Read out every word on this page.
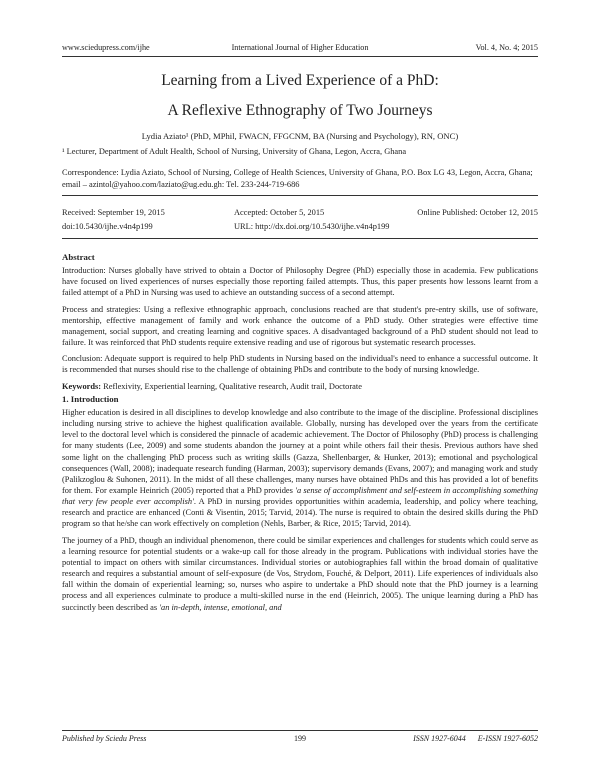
www.sciedupress.com/ijhe	International Journal of Higher Education	Vol. 4, No. 4; 2015
Learning from a Lived Experience of a PhD:
A Reflexive Ethnography of Two Journeys
Lydia Aziato¹ (PhD, MPhil, FWACN, FFGCNM, BA (Nursing and Psychology), RN, ONC)
¹ Lecturer, Department of Adult Health, School of Nursing, University of Ghana, Legon, Accra, Ghana
Correspondence: Lydia Aziato, School of Nursing, College of Health Sciences, University of Ghana, P.O. Box LG 43, Legon, Accra, Ghana; email – azintol@yahoo.com/laziato@ug.edu.gh: Tel. 233-244-719-686
Received: September 19, 2015	Accepted: October 5, 2015	Online Published: October 12, 2015
doi:10.5430/ijhe.v4n4p199	URL: http://dx.doi.org/10.5430/ijhe.v4n4p199
Abstract

Introduction: Nurses globally have strived to obtain a Doctor of Philosophy Degree (PhD) especially those in academia. Few publications have focused on lived experiences of nurses especially those reporting failed attempts. Thus, this paper presents how lessons learnt from a failed attempt of a PhD in Nursing was used to achieve an outstanding success of a second attempt.

Process and strategies: Using a reflexive ethnographic approach, conclusions reached are that student's pre-entry skills, use of software, mentorship, effective management of family and work enhance the outcome of a PhD study. Other strategies were effective time management, social support, and creating learning and cognitive spaces. A disadvantaged background of a PhD student should not lead to failure. It was reinforced that PhD students require extensive reading and use of rigorous but systematic research processes.

Conclusion: Adequate support is required to help PhD students in Nursing based on the individual's need to enhance a successful outcome. It is recommended that nurses should rise to the challenge of obtaining PhDs and contribute to the body of nursing knowledge.

Keywords: Reflexivity, Experiential learning, Qualitative research, Audit trail, Doctorate

1. Introduction

Higher education is desired in all disciplines to develop knowledge and also contribute to the image of the discipline. Professional disciplines including nursing strive to achieve the highest qualification available. Globally, nursing has developed over the years from the certificate level to the doctoral level which is considered the pinnacle of academic achievement. The Doctor of Philosophy (PhD) process is challenging for many students (Lee, 2009) and some students abandon the journey at a point while others fail their thesis. Previous authors have shed some light on the challenging PhD process such as writing skills (Gazza, Shellenbarger, & Hunker, 2013); emotional and psychological consequences (Wall, 2008); inadequate research funding (Harman, 2003); supervisory demands (Evans, 2007); and managing work and study (Palikzoglou & Suhonen, 2011). In the midst of all these challenges, many nurses have obtained PhDs and this has provided a lot of benefits for them. For example Heinrich (2005) reported that a PhD provides 'a sense of accomplishment and self-esteem in accomplishing something that very few people ever accomplish'. A PhD in nursing provides opportunities within academia, leadership, and policy where teaching, research and practice are enhanced (Conti & Visentin, 2015; Tarvid, 2014). The nurse is required to obtain the desired skills during the PhD program so that he/she can work effectively on completion (Nehls, Barber, & Rice, 2015; Tarvid, 2014).

The journey of a PhD, though an individual phenomenon, there could be similar experiences and challenges for students which could serve as a learning resource for potential students or a wake-up call for those already in the program. Publications with individual stories have the potential to impact on others with similar circumstances. Individual stories or autobiographies fall within the broad domain of qualitative research and requires a substantial amount of self-exposure (de Vos, Strydom, Fouché, & Delport, 2011). Life experiences of individuals also fall within the domain of experiential learning; so, nurses who aspire to undertake a PhD should note that the PhD journey is a learning process and all experiences culminate to produce a multi-skilled nurse in the end (Heinrich, 2005). The unique learning during a PhD has succinctly been described as 'an in-depth, intense, emotional, and

Published by Sciedu Press	199	ISSN 1927-6044 E-ISSN 1927-6052
